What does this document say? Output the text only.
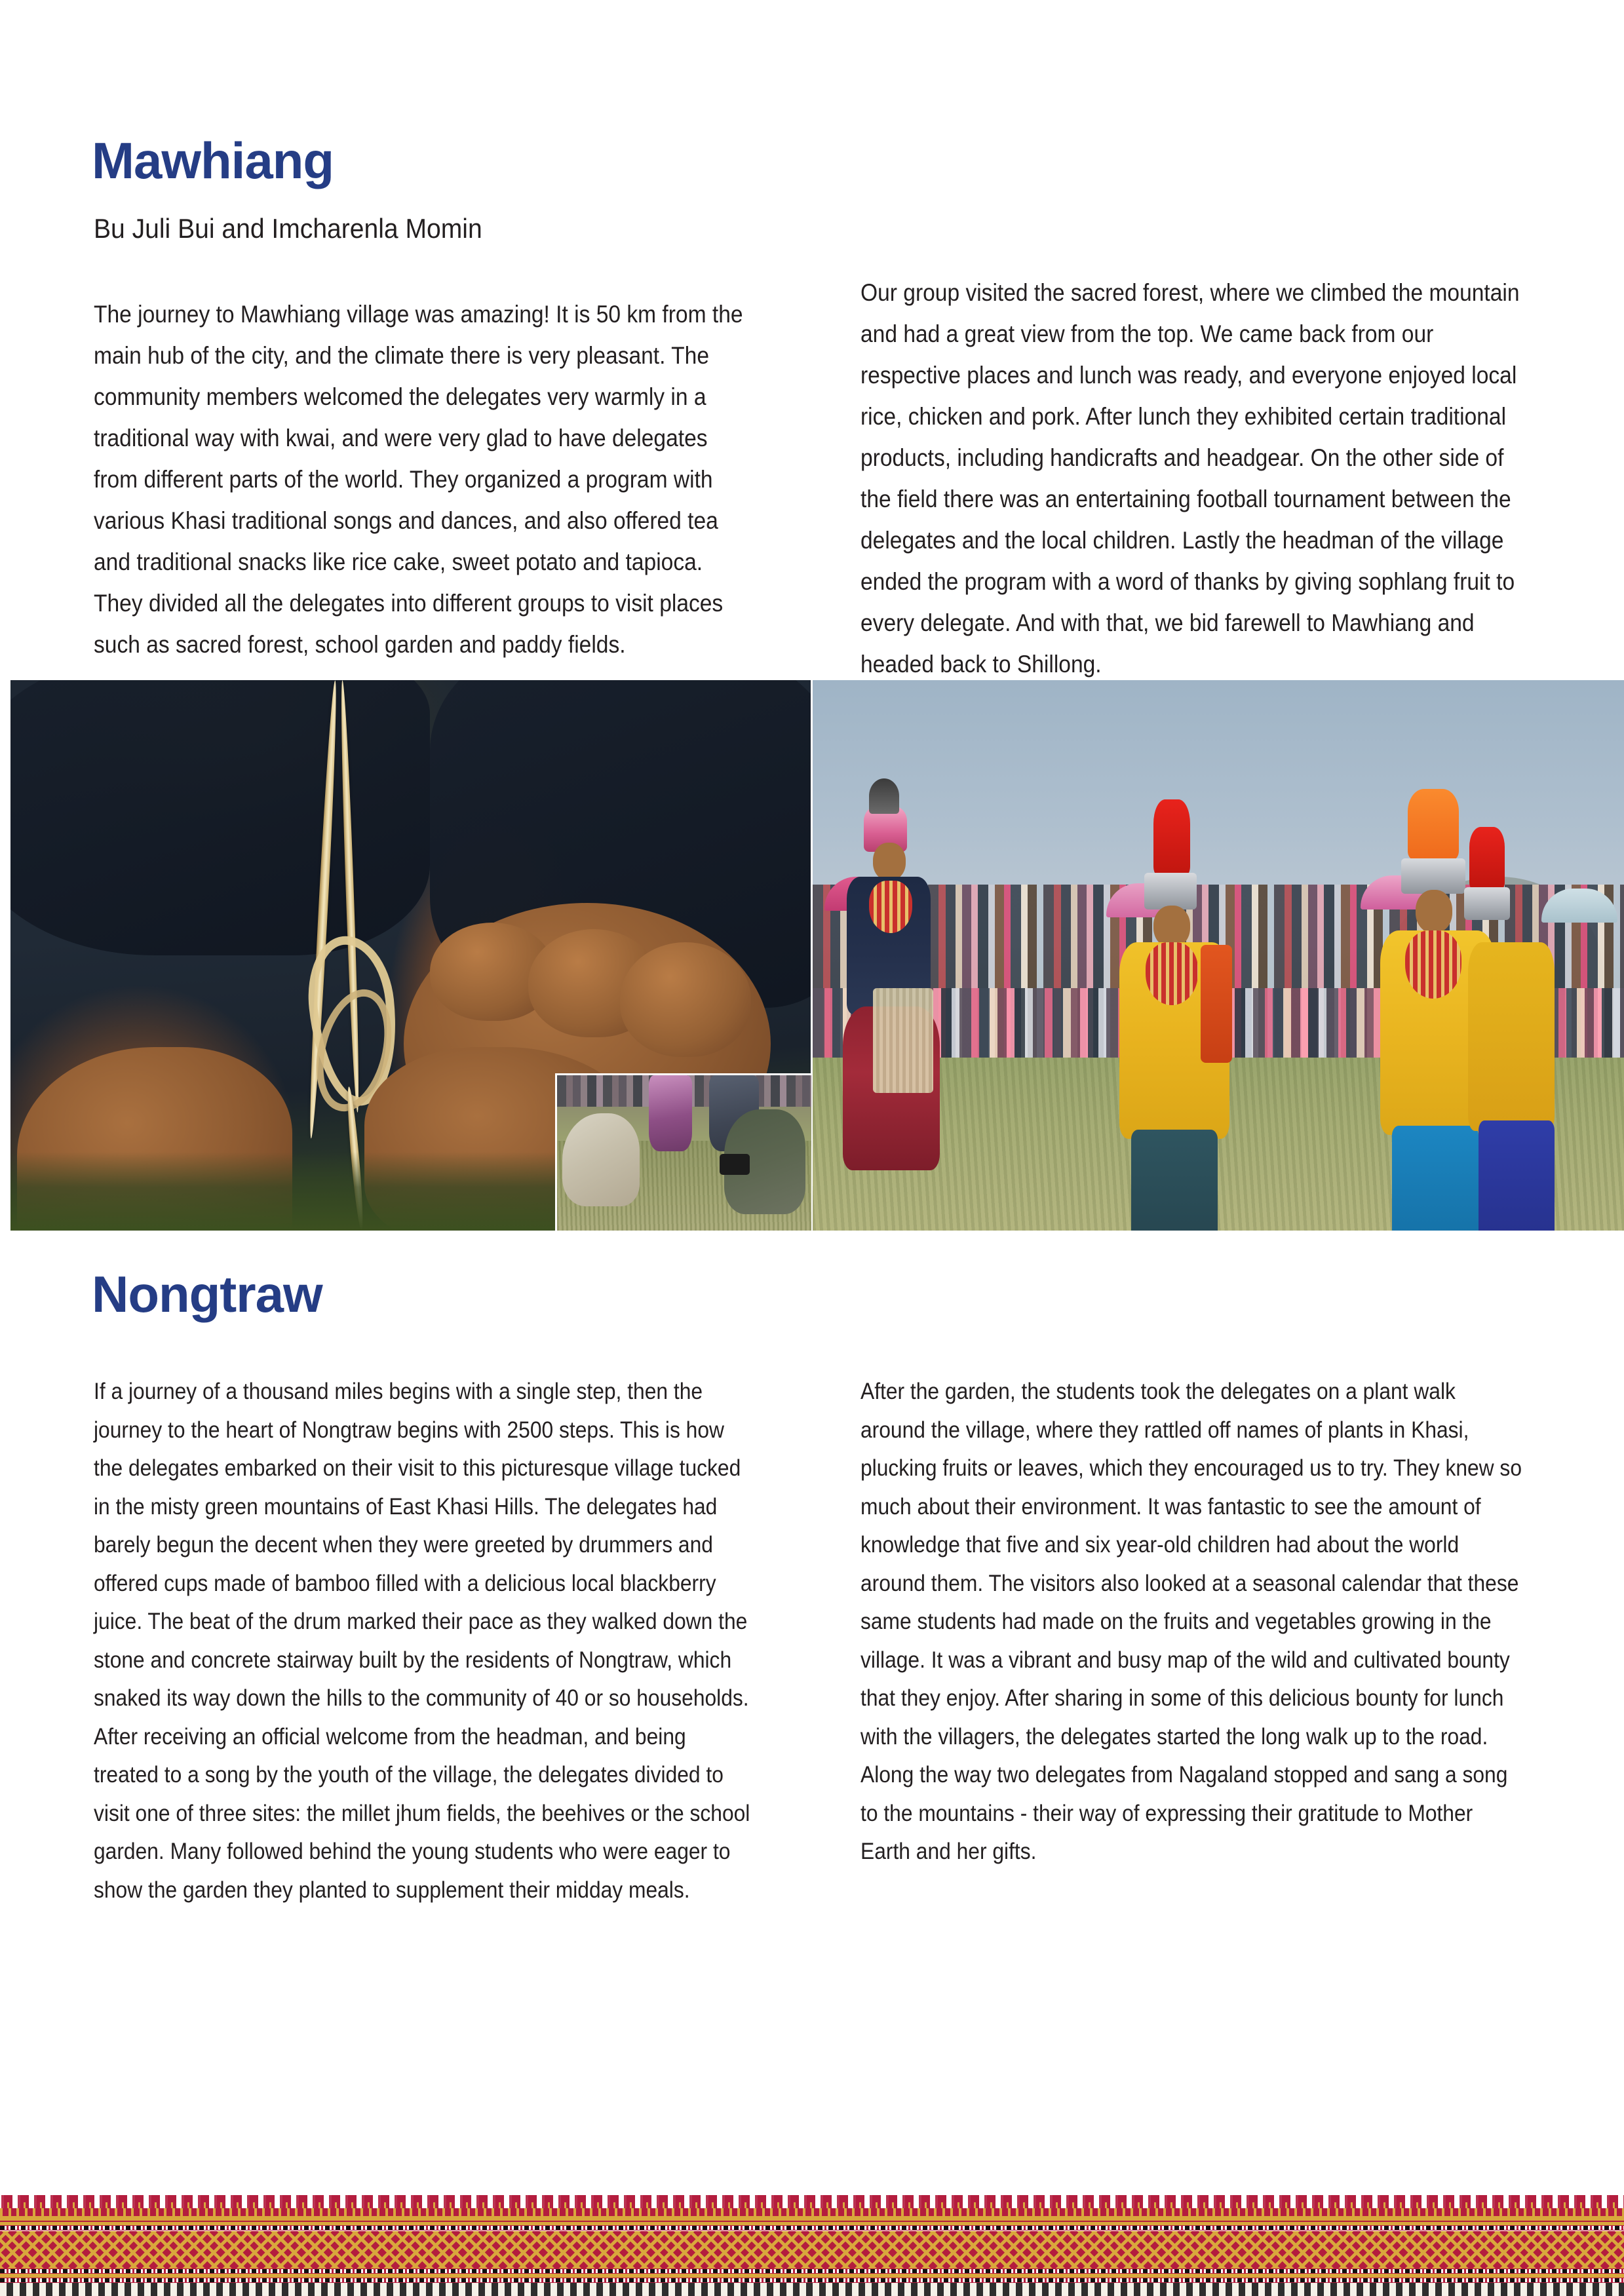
Mawhiang
Bu Juli Bui and Imcharenla Momin

The journey to Mawhiang village was amazing! It is 50 km from the main hub of the city, and the climate there is very pleasant. The community members welcomed the delegates very warmly in a traditional way with kwai, and were very glad to have delegates from different parts of the world. They organized a program with various Khasi traditional songs and dances, and also offered tea and traditional snacks like rice cake, sweet potato and tapioca. They divided all the delegates into different groups to visit places such as sacred forest, school garden and paddy fields.

Our group visited the sacred forest, where we climbed the mountain and had a great view from the top. We came back from our respective places and lunch was ready, and everyone enjoyed local rice, chicken and pork. After lunch they exhibited certain traditional products, including handicrafts and headgear. On the other side of the field there was an entertaining football tournament between the delegates and the local children. Lastly the headman of the village ended the program with a word of thanks by giving sophlang fruit to every delegate. And with that, we bid farewell to Mawhiang and headed back to Shillong.

Nongtraw

If a journey of a thousand miles begins with a single step, then the journey to the heart of Nongtraw begins with 2500 steps. This is how the delegates embarked on their visit to this picturesque village tucked in the misty green mountains of East Khasi Hills. The delegates had barely begun the decent when they were greeted by drummers and offered cups made of bamboo filled with a delicious local blackberry juice. The beat of the drum marked their pace as they walked down the stone and concrete stairway built by the residents of Nongtraw, which snaked its way down the hills to the community of 40 or so households. After receiving an official welcome from the headman, and being treated to a song by the youth of the village, the delegates divided to visit one of three sites: the millet jhum fields, the beehives or the school garden. Many followed behind the young students who were eager to show the garden they planted to supplement their midday meals.

After the garden, the students took the delegates on a plant walk around the village, where they rattled off names of plants in Khasi, plucking fruits or leaves, which they encouraged us to try. They knew so much about their environment. It was fantastic to see the amount of knowledge that five and six year-old children had about the world around them. The visitors also looked at a seasonal calendar that these same students had made on the fruits and vegetables growing in the village. It was a vibrant and busy map of the wild and cultivated bounty that they enjoy. After sharing in some of this delicious bounty for lunch with the villagers, the delegates started the long walk up to the road. Along the way two delegates from Nagaland stopped and sang a song to the mountains - their way of expressing their gratitude to Mother Earth and her gifts.
